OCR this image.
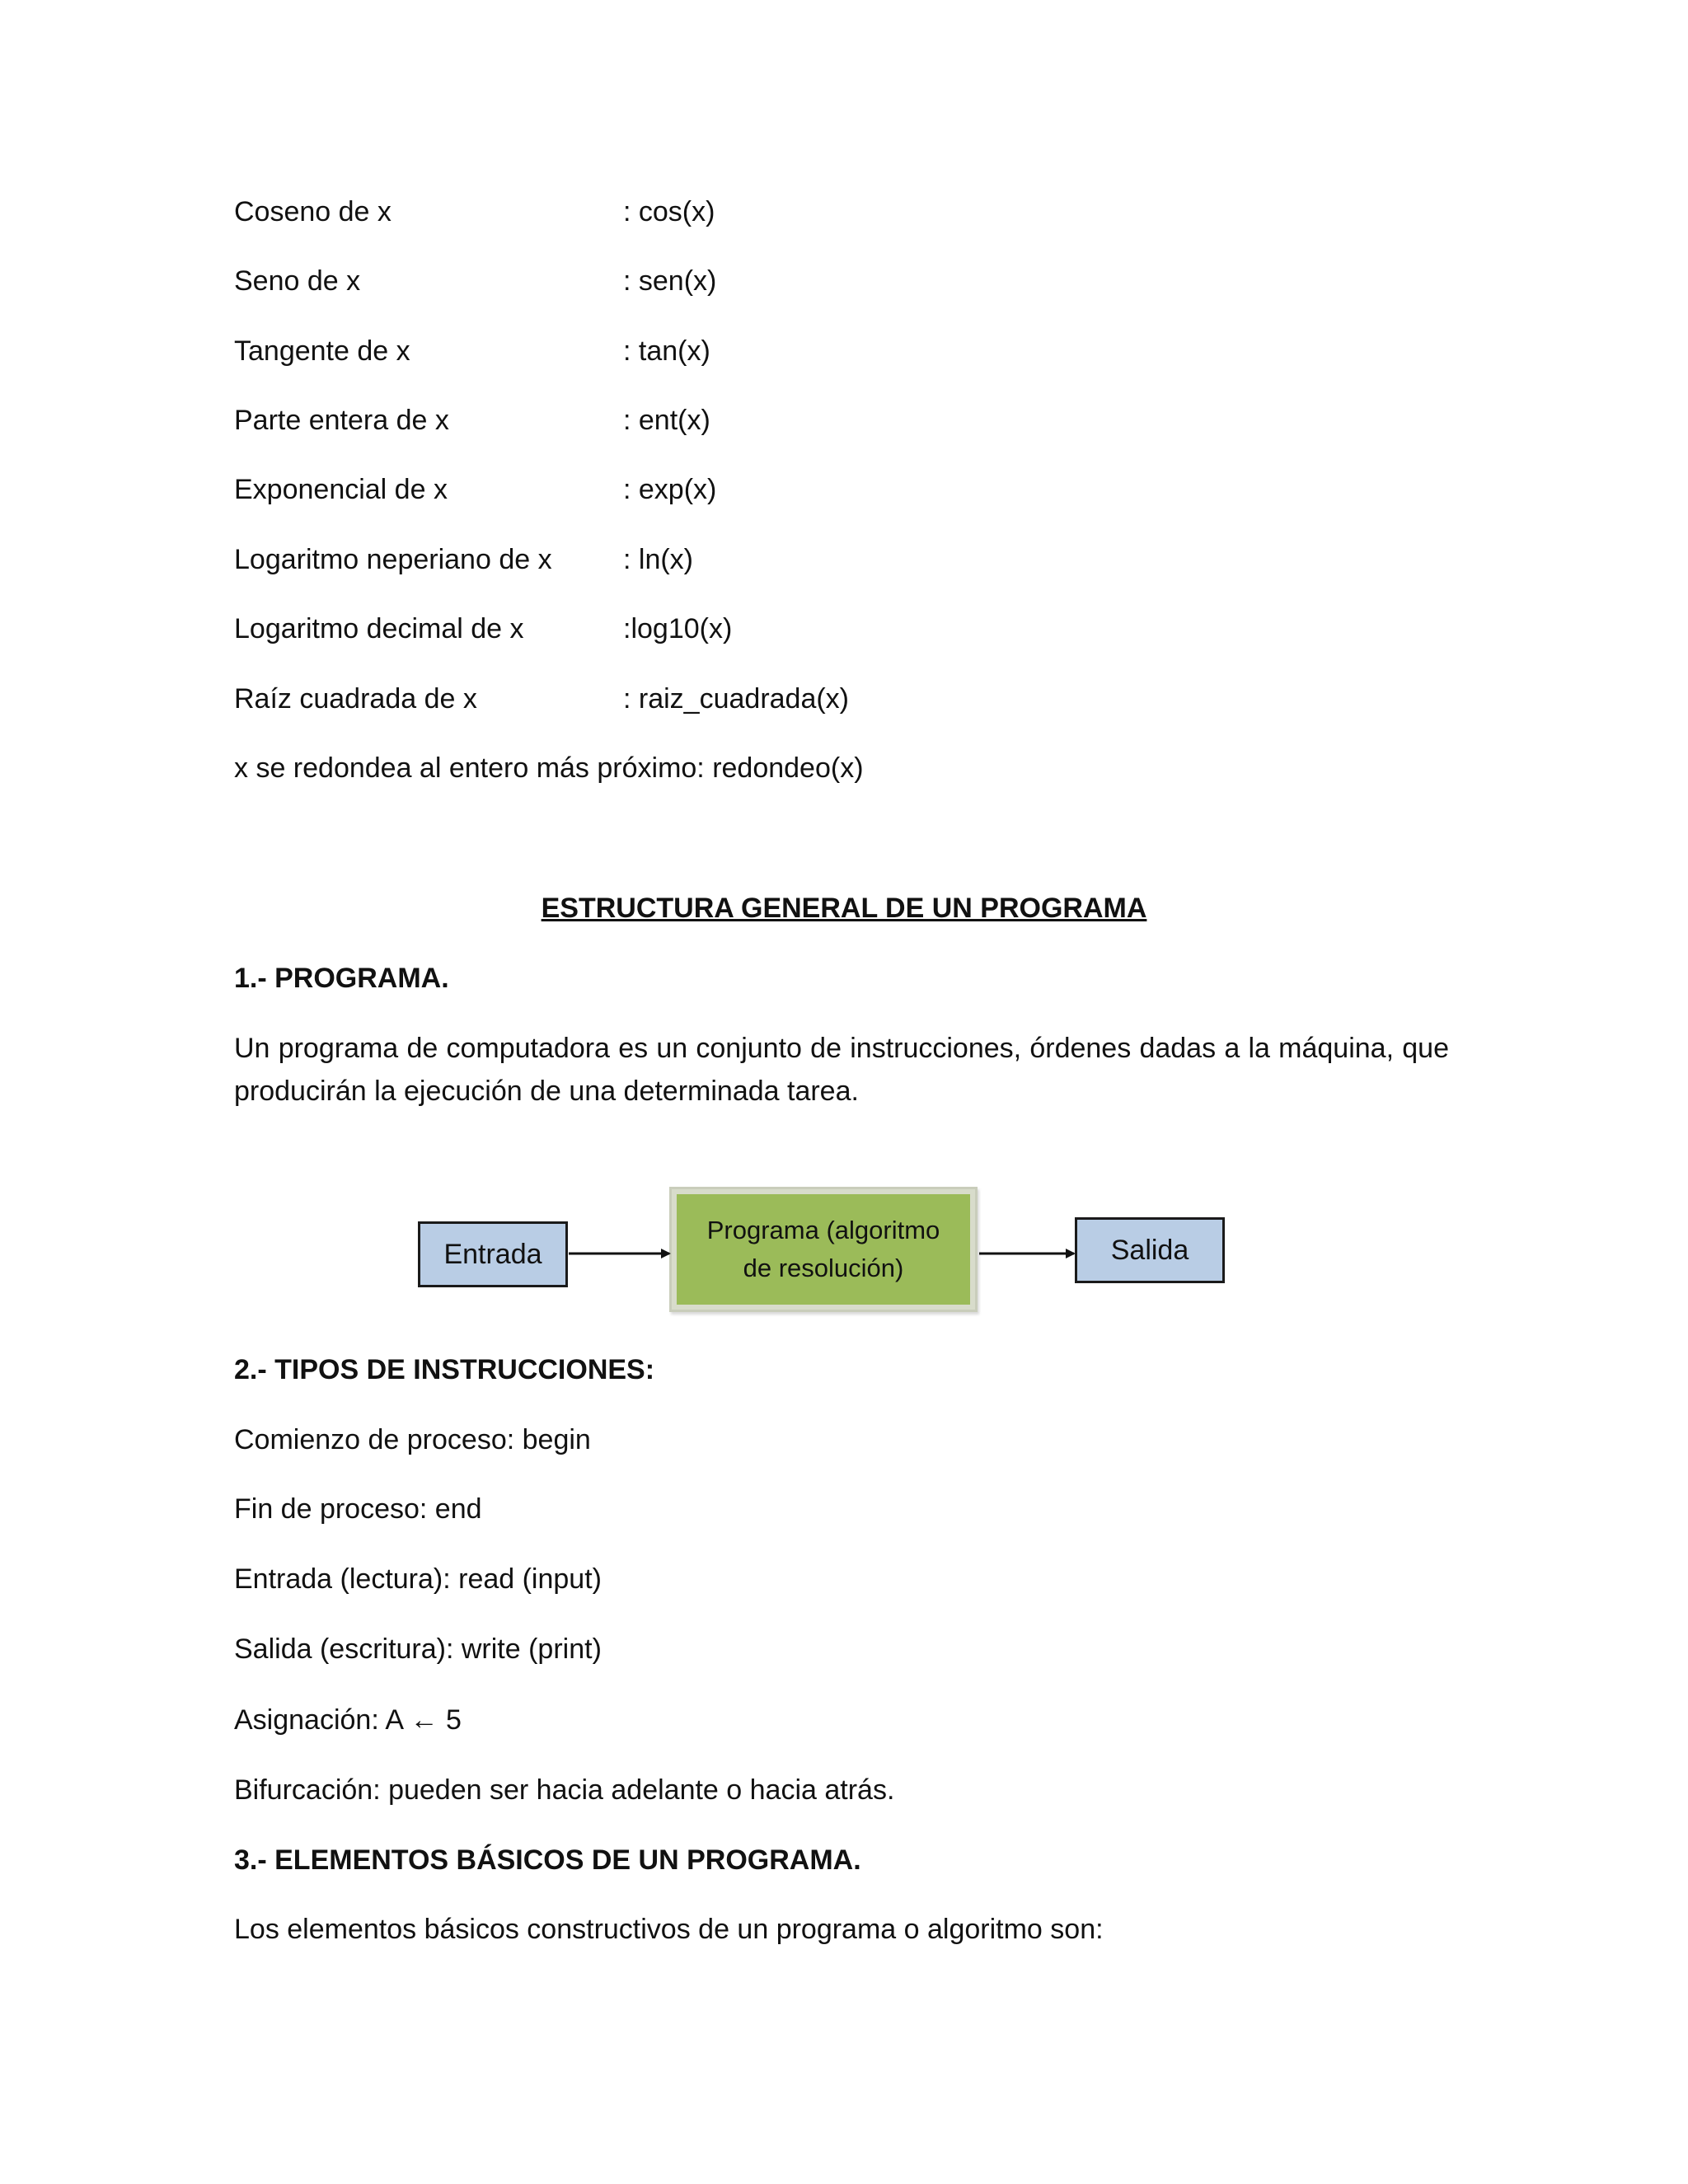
Coseno de x	: cos(x)
Seno de x	: sen(x)
Tangente de x	: tan(x)
Parte entera de x	: ent(x)
Exponencial de x	: exp(x)
Logaritmo neperiano de x	: ln(x)
Logaritmo decimal de x	:log10(x)
Raíz cuadrada de x	: raiz_cuadrada(x)
x se redondea al entero más próximo: redondeo(x)
ESTRUCTURA GENERAL DE UN PROGRAMA
1.- PROGRAMA.
Un programa de computadora es un conjunto de instrucciones, órdenes dadas a la máquina, que producirán la ejecución de una determinada tarea.
Entrada
Programa (algoritmo
de resolución)
Salida
2.- TIPOS DE INSTRUCCIONES:
Comienzo de proceso: begin
Fin de proceso: end
Entrada (lectura): read (input)
Salida (escritura): write (print)
Asignación: A ← 5
Bifurcación: pueden ser hacia adelante o hacia atrás.
3.- ELEMENTOS BÁSICOS DE UN PROGRAMA.
Los elementos básicos constructivos de un programa o algoritmo son:
